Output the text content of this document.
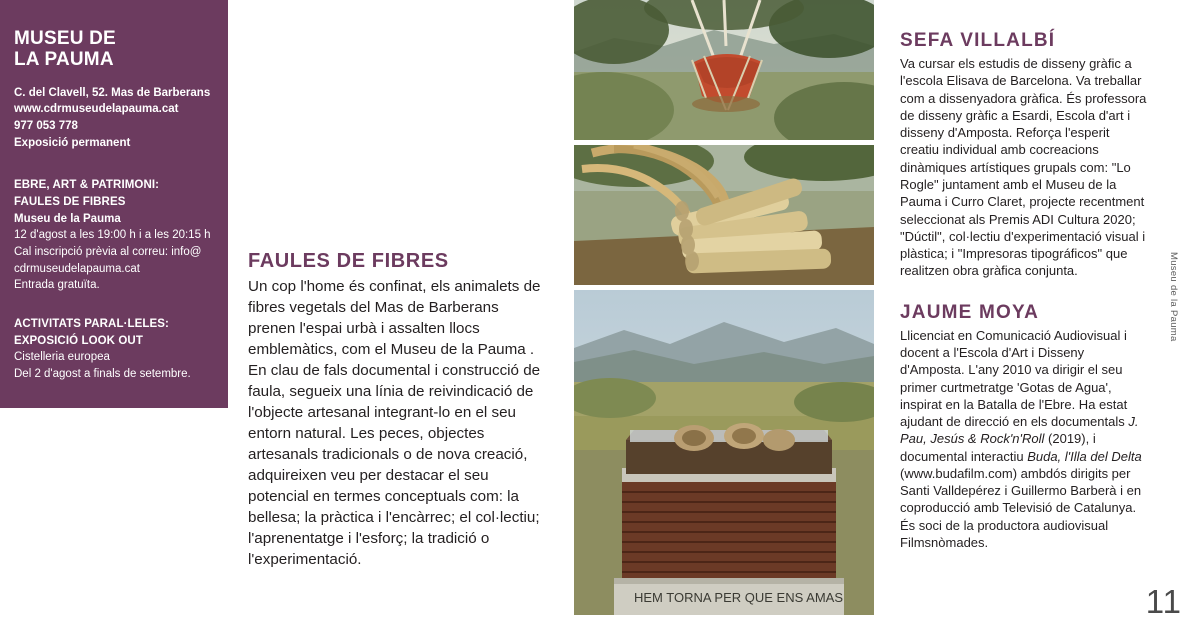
MUSEU DE
LA PAUMA
C. del Clavell, 52. Mas de Barberans
www.cdrmuseudelapauma.cat
977 053 778
Exposició permanent
EBRE, ART & PATRIMONI:
FAULES DE FIBRES
Museu de la Pauma
12 d'agost a les 19:00 h i a les 20:15 h
Cal inscripció prèvia al correu: info@
cdrmuseudelapauma.cat
Entrada gratuïta.
ACTIVITATS PARAL·LELES:
EXPOSICIÓ LOOK OUT
Cistelleria europea
Del 2 d'agost a finals de setembre.
FAULES DE FIBRES
Un cop l'home és confinat, els animalets de fibres vegetals del Mas de Barberans prenen l'espai urbà i assalten llocs emblemàtics, com el Museu de la Pauma . En clau de fals documental i construcció de faula, segueix una línia de reivindicació de l'objecte artesanal integrant-lo en el seu entorn natural. Les peces, objectes artesanals tradicionals o de nova creació, adquireixen veu per destacar el seu potencial en termes conceptuals com: la bellesa; la pràctica i l'encàrrec; el col·lectiu; l'aprenentatge i l'esforç; la tradició o l'experimentació.
HEM TORNA PER QUE ENS AMAS
SEFA VILLALBÍ
Va cursar els estudis de disseny gràfic a l'escola Elisava de Barcelona. Va treballar com a dissenyadora gràfica. És professora de disseny gràfic a Esardi, Escola d'art i disseny d'Amposta. Reforça l'esperit creatiu individual amb cocreacions dinàmiques artístiques grupals com: "Lo Rogle" juntament amb el Museu de la Pauma i Curro Claret, projecte recentment seleccionat als Premis ADI Cultura 2020; "Dúctil", col·lectiu d'experimentació visual i plàstica; i "Impresoras tipográficos" que realitzen obra gràfica conjunta.
JAUME MOYA
Llicenciat en Comunicació Audiovisual i docent a l'Escola d'Art i Disseny d'Amposta. L'any 2010 va dirigir el seu primer curtmetratge 'Gotas de Agua', inspirat en la Batalla de l'Ebre. Ha estat ajudant de direcció en els documentals J. Pau, Jesús & Rock'n'Roll (2019), i documental interactiu Buda, l'Illa del Delta (www.budafilm.com) ambdós dirigits per Santi Valldepérez i Guillermo Barberà i en coproducció amb Televisió de Catalunya. És soci de la productora audiovisual Filmsnòmades.
Museu de la Pauma
11
